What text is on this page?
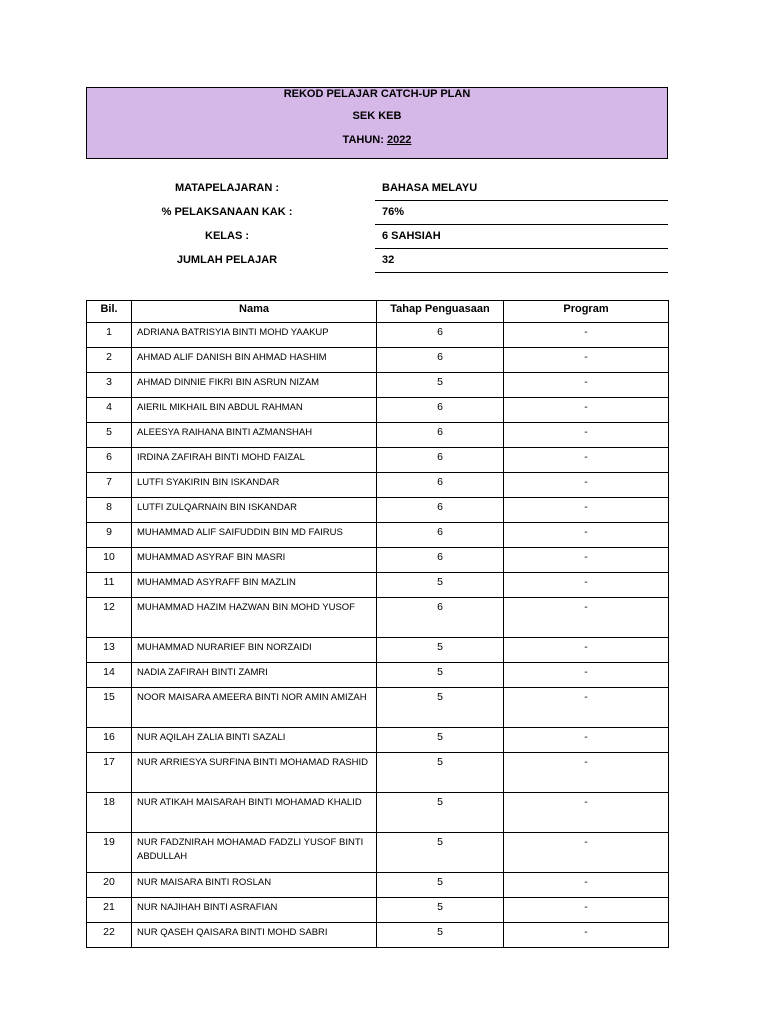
REKOD PELAJAR CATCH-UP PLAN
SEK KEB
TAHUN: 2022
MATAPELAJARAN :	BAHASA MELAYU
% PELAKSANAAN KAK :	76%
KELAS :	6 SAHSIAH
JUMLAH PELAJAR	32
Bil.	Nama	Tahap Penguasaan	Program
1	ADRIANA BATRISYIA BINTI MOHD YAAKUP	6	-
2	AHMAD ALIF DANISH BIN AHMAD HASHIM	6	-
3	AHMAD DINNIE FIKRI BIN ASRUN NIZAM	5	-
4	AIERIL MIKHAIL BIN ABDUL RAHMAN	6	-
5	ALEESYA RAIHANA BINTI AZMANSHAH	6	-
6	IRDINA ZAFIRAH BINTI MOHD FAIZAL	6	-
7	LUTFI SYAKIRIN BIN ISKANDAR	6	-
8	LUTFI ZULQARNAIN BIN ISKANDAR	6	-
9	MUHAMMAD ALIF SAIFUDDIN BIN MD FAIRUS	6	-
10	MUHAMMAD ASYRAF BIN MASRI	6	-
11	MUHAMMAD ASYRAFF BIN MAZLIN	5	-
12	MUHAMMAD HAZIM HAZWAN BIN MOHD YUSOF	6	-
13	MUHAMMAD NURARIEF BIN NORZAIDI	5	-
14	NADIA ZAFIRAH BINTI ZAMRI	5	-
15	NOOR MAISARA AMEERA BINTI NOR AMIN AMIZAH	5	-
16	NUR AQILAH ZALIA BINTI SAZALI	5	-
17	NUR ARRIESYA SURFINA BINTI MOHAMAD RASHID	5	-
18	NUR ATIKAH MAISARAH BINTI MOHAMAD KHALID	5	-
19	NUR FADZNIRAH MOHAMAD FADZLI YUSOF BINTI ABDULLAH	5	-
20	NUR MAISARA BINTI ROSLAN	5	-
21	NUR NAJIHAH BINTI ASRAFIAN	5	-
22	NUR QASEH QAISARA BINTI MOHD SABRI	5	-
